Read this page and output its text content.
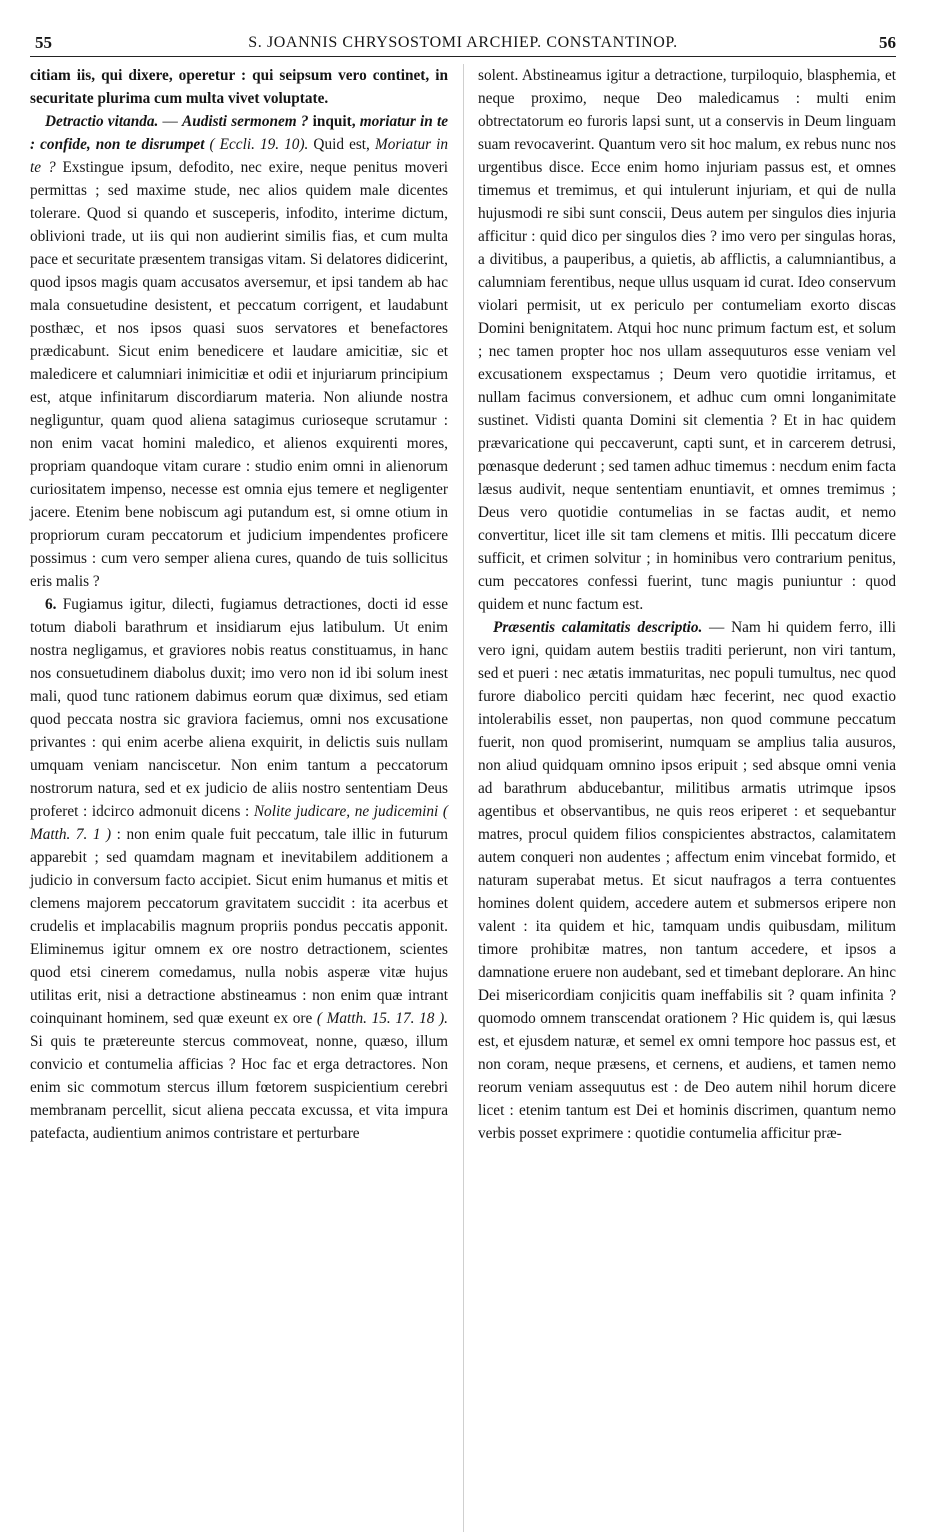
55	S. JOANNIS CHRYSOSTOMI ARCHIEP. CONSTANTINOP.	56

citiam iis, qui dixere, operetur : qui seipsum vero continet, in securitate plurima cum multa vivet voluptate.

Detractio vitanda. — Audisti sermonem ? inquit, moriatur in te : confide, non te disrumpet ( Eccli. 19. 10). Quid est, Moriatur in te ? Exstingue ipsum, defodito, nec exire, neque penitus moveri permittas ; sed maxime stude, nec alios quidem male dicentes tolerare. Quod si quando et susceperis, infodito, interime dictum, oblivioni trade, ut iis qui non audierint similis fias, et cum multa pace et securitate præsentem transigas vitam. Si delatores didicerint, quod ipsos magis quam accusatos aversemur, et ipsi tandem ab hac mala consuetudine desistent, et peccatum corrigent, et laudabunt posthæc, et nos ipsos quasi suos servatores et benefactores prædicabunt. Sicut enim benedicere et laudare amicitiæ, sic et maledicere et calumniari inimicitiæ et odii et injuriarum principium est, atque infinitarum discordiarum materia. Non aliunde nostra negliguntur, quam quod aliena satagimus curioseque scrutamur : non enim vacat homini maledico, et alienos exquirenti mores, propriam quandoque vitam curare : studio enim omni in alienorum curiositatem impenso, necesse est omnia ejus temere et negligenter jacere. Etenim bene nobiscum agi putandum est, si omne otium in propriorum curam peccatorum et judicium impendentes proficere possimus : cum vero semper aliena cures, quando de tuis sollicitus eris malis ?

6. Fugiamus igitur, dilecti, fugiamus detractiones, docti id esse totum diaboli barathrum et insidiarum ejus latibulum. Ut enim nostra negligamus, et graviores nobis reatus constituamus, in hanc nos consuetudinem diabolus duxit; imo vero non id ibi solum inest mali, quod tunc rationem dabimus eorum quæ diximus, sed etiam quod peccata nostra sic graviora faciemus, omni nos excusatione privantes : qui enim acerbe aliena exquirit, in delictis suis nullam umquam veniam nanciscetur. Non enim tantum a peccatorum nostrorum natura, sed et ex judicio de aliis nostro sententiam Deus proferet : idcirco admonuit dicens : Nolite judicare, ne judicemini ( Matth. 7. 1 ) : non enim quale fuit peccatum, tale illic in futurum apparebit ; sed quamdam magnam et inevitabilem additionem a judicio in conversum facto accipiet. Sicut enim humanus et mitis et clemens majorem peccatorum gravitatem succidit : ita acerbus et crudelis et implacabilis magnum propriis pondus peccatis apponit. Eliminemus igitur omnem ex ore nostro detractionem, scientes quod etsi cinerem comedamus, nulla nobis asperæ vitæ hujus utilitas erit, nisi a detractione abstineamus : non enim quæ intrant coinquinant hominem, sed quæ exeunt ex ore ( Matth. 15. 17. 18 ). Si quis te prætereunte stercus commoveat, nonne, quæso, illum convicio et contumelia afficias ? Hoc fac et erga detractores. Non enim sic commotum stercus illum fœtorem suspicientium cerebri membranam percellit, sicut aliena peccata excussa, et vita impura patefacta, audientium animos contristare et perturbare

solent. Abstineamus igitur a detractione, turpiloquio, blasphemia, et neque proximo, neque Deo maledicamus : multi enim obtrectatorum eo furoris lapsi sunt, ut a conservis in Deum linguam suam revocaverint. Quantum vero sit hoc malum, ex rebus nunc nos urgentibus disce. Ecce enim homo injuriam passus est, et omnes timemus et tremimus, et qui intulerunt injuriam, et qui de nulla hujusmodi re sibi sunt conscii, Deus autem per singulos dies injuria afficitur : quid dico per singulos dies ? imo vero per singulas horas, a divitibus, a pauperibus, a quietis, ab afflictis, a calumniantibus, a calumniam ferentibus, neque ullus usquam id curat. Ideo conservum violari permisit, ut ex periculo per contumeliam exorto discas Domini benignitatem. Atqui hoc nunc primum factum est, et solum ; nec tamen propter hoc nos ullam assequuturos esse veniam vel excusationem exspectamus ; Deum vero quotidie irritamus, et nullam facimus conversionem, et adhuc cum omni longanimitate sustinet. Vidisti quanta Domini sit clementia ? Et in hac quidem prævaricatione qui peccaverunt, capti sunt, et in carcerem detrusi, pœnasque dederunt ; sed tamen adhuc timemus : necdum enim facta læsus audivit, neque sententiam enuntiavit, et omnes tremimus ; Deus vero quotidie contumelias in se factas audit, et nemo convertitur, licet ille sit tam clemens et mitis. Illi peccatum dicere sufficit, et crimen solvitur ; in hominibus vero contrarium penitus, cum peccatores confessi fuerint, tunc magis puniuntur : quod quidem et nunc factum est.

Præsentis calamitatis descriptio. — Nam hi quidem ferro, illi vero igni, quidam autem bestiis traditi perierunt, non viri tantum, sed et pueri : nec ætatis immaturitas, nec populi tumultus, nec quod furore diabolico perciti quidam hæc fecerint, nec quod exactio intolerabilis esset, non paupertas, non quod commune peccatum fuerit, non quod promiserint, numquam se amplius talia ausuros, non aliud quidquam omnino ipsos eripuit ; sed absque omni venia ad barathrum abducebantur, militibus armatis utrimque ipsos agentibus et observantibus, ne quis reos eriperet : et sequebantur matres, procul quidem filios conspicientes abstractos, calamitatem autem conqueri non audentes ; affectum enim vincebat formido, et naturam superabat metus. Et sicut naufragos a terra contuentes homines dolent quidem, accedere autem et submersos eripere non valent : ita quidem et hic, tamquam undis quibusdam, militum timore prohibitæ matres, non tantum accedere, et ipsos a damnatione eruere non audebant, sed et timebant deplorare. An hinc Dei misericordiam conjicitis quam ineffabilis sit ? quam infinita ? quomodo omnem transcendat orationem ? Hic quidem is, qui læsus est, et ejusdem naturæ, et semel ex omni tempore hoc passus est, et non coram, neque præsens, et cernens, et audiens, et tamen nemo reorum veniam assequutus est : de Deo autem nihil horum dicere licet : etenim tantum est Dei et hominis discrimen, quantum nemo verbis posset exprimere : quotidie contumelia afficitur præ-
